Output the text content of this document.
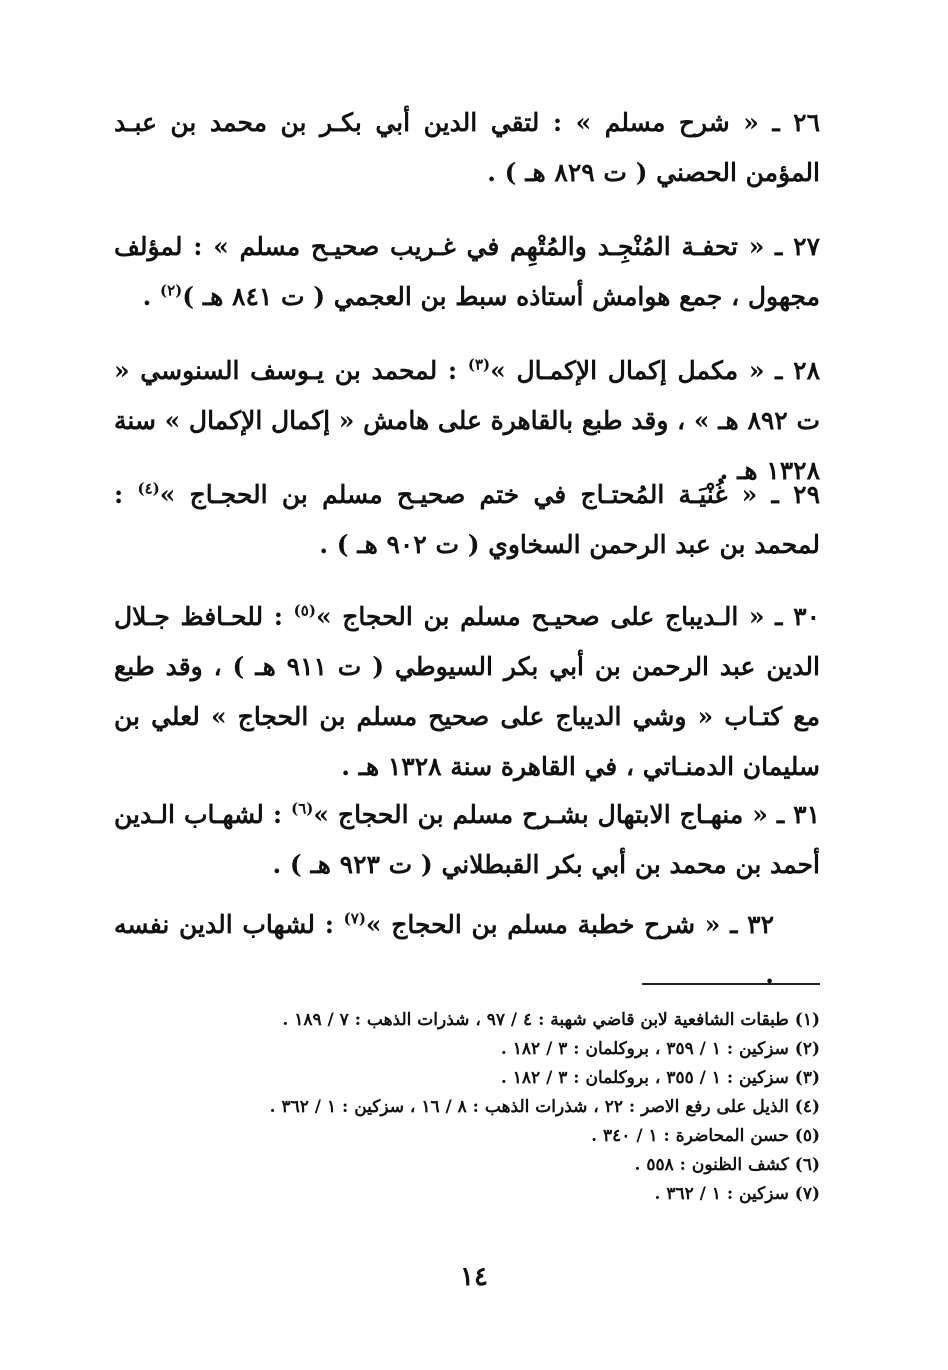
٢٦ ـ « شرح مسلم » : لتقي الدين أبي بكـر بن محمد بن عبـد المؤمن الحصني ( ت ٨٢٩ هـ ) .

٢٧ ـ « تحفـة المُنْجِـد والمُتْهِم في غـريب صحيـح مسلم » : لمؤلف مجهول ، جمع هوامش أستاذه سبط بن العجمي ( ت ٨٤١ هـ )$^{(٢)}$ .

٢٨ ـ « مكمل إكمال الإكمـال »$^{(٣)}$ : لمحمد بن يـوسف السنوسي « ت ٨٩٢ هـ » ، وقد طبع بالقاهرة على هامش « إكمال الإكمال » سنة ١٣٢٨ هـ .

٢٩ ـ « غُنْيَـة المُحتـاج في ختم صحيـح مسلم بن الحجـاج »$^{(٤)}$ : لمحمد بن عبد الرحمن السخاوي ( ت ٩٠٢ هـ ) .

٣٠ ـ « الـديباج على صحيـح مسلم بن الحجاج »$^{(٥)}$ : للحـافظ جـلال الدين عبد الرحمن بن أبي بكر السيوطي ( ت ٩١١ هـ ) ، وقد طبع مع كتـاب « وشي الديباج على صحيح مسلم بن الحجاج » لعلي بن سليمان الدمنـاتي ، في القاهرة سنة ١٣٢٨ هـ .

٣١ ـ « منهـاج الابتهال بشـرح مسلم بن الحجاج »$^{(٦)}$ : لشهـاب الـدين أحمد بن محمد بن أبي بكر القبطلاني ( ت ٩٢٣ هـ ) .

٣٢ ـ « شرح خطبة مسلم بن الحجاج »$^{(٧)}$ : لشهاب الدين نفسه .

(١) طبقات الشافعية لابن قاضي شهبة : ٤ / ٩٧ ، شذرات الذهب : ٧ / ١٨٩ .
(٢) سزكين : ١ / ٣٥٩ ، بروكلمان : ٣ / ١٨٢ .
(٣) سزكين : ١ / ٣٥٥ ، بروكلمان : ٣ / ١٨٢ .
(٤) الذيل على رفع الاصر : ٢٢ ، شذرات الذهب : ٨ / ١٦ ، سزكين : ١ / ٣٦٢ .
(٥) حسن المحاضرة : ١ / ٣٤٠ .
(٦) كشف الظنون : ٥٥٨ .
(٧) سزكين : ١ / ٣٦٢ .
١٤
